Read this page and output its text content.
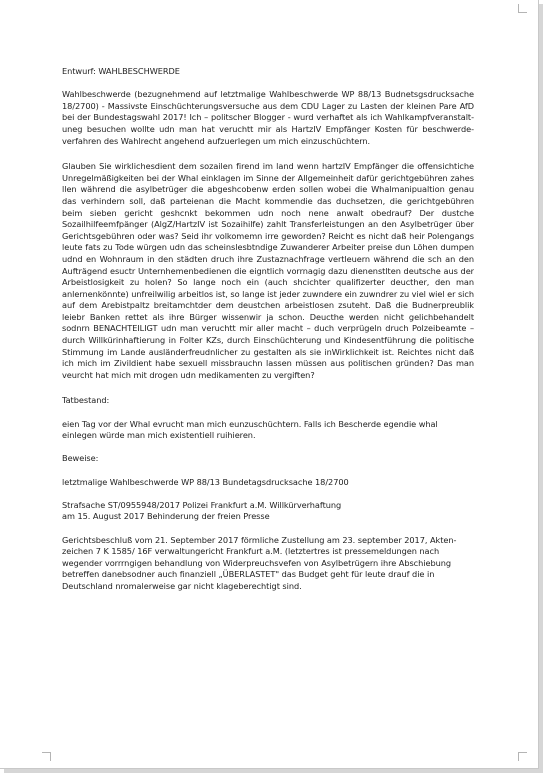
Entwurf: WAHLBESCHWERDE

Wahlbeschwerde (bezugnehmend auf letztmalige Wahlbeschwerde WP 88/13 Budnetsgsdrucksache 18/2700) - Massivste Einschüchterungsversuche aus dem CDU Lager zu Lasten der kleinen Pare AfD bei der Bundestagswahl 2017! Ich – politscher Blogger - wurd verhaftet als ich Wahlkampfveranstalt- uneg besuchen wollte udn man hat veruchtt mir als HartzIV Empfänger Kosten für beschwerde- verfahren des Wahlrecht angehend aufzuerlegen um mich einzuschüchtern.

Glauben Sie wirklichesdient dem sozailen firend im land wenn hartzIV Empfänger die offensichtiche Unregelmäßigkeiten bei der Whal einklagen im Sinne der Allgemeinheit dafür gerichtgebühren zahes llen während die asylbetrüger die abgeshcobenw erden sollen wobei die Whalmanipualtion genau das verhindern soll, daß parteienan die Macht kommendie das duchsetzen, die gerichtgebühren beim sieben gericht geshcnkt bekommen udn noch nene anwalt obedrauf? Der dustche Sozailhilfeemfpänger (AlgZ/HartzIV ist Sozaihilfe) zahlt Transferleistungen an den Asylbetrüger über Gerichtsgebühren oder was? Seid ihr volkomemn irre geworden? Reicht es nicht daß heir Polengangs leute fats zu Tode würgen udn das scheinslesbtndige Zuwanderer Arbeiter preise dun Löhen dumpen udnd en Wohnraum in den städten druch ihre Zustaznachfrage vertleuern während die sch an den Aufträgend esuctr Unternhemenbedienen die eigntlich vorrnagig dazu dienenstlten deutsche aus der Arbeistlosigkeit zu holen? So lange noch ein (auch shcichter qualifizerter deucther, den man anlernenkönnte) unfreilwilig arbeitlos ist, so lange ist jeder zuwndere ein zuwndrer zu viel wiel er sich auf dem Arebistpaltz breitamchtder dem deustchen arbeistlosen zsuteht. Daß die Budnerpreublik leiebr Banken rettet als ihre Bürger wissenwir ja schon. Deucthe werden nicht gelichbehandelt sodnrn BENACHTEILIGT udn man veruchtt mir aller macht – duch verprügeln druch Polzeibeamte – durch Willkürinhaftierung in Folter KZs, durch Einschüchterung und Kindesentführung die politische Stimmung im Lande ausländerfreudnlicher zu gestalten als sie inWirklichkeit ist. Reichtes nicht daß ich mich im Zivildient habe sexuell missbrauchn lassen müssen aus politischen gründen? Das man veurcht hat mich mit drogen udn medikamenten zu vergiften?

Tatbestand:

eien Tag vor der Whal evrucht man mich eunzuschüchtern. Falls ich Bescherde egendie whal einlegen würde man mich existentiell ruihieren.

Beweise:

letztmalige Wahlbeschwerde WP 88/13 Bundetagsdrucksache 18/2700

Strafsache ST/0955948/2017 Polizei Frankfurt a.M. Willkürverhaftung

am 15. August 2017 Behinderung der freien Presse

Gerichtsbeschluß vom 21. September 2017 förmliche Zustellung am 23. september 2017, Akten- zeichen 7 K 1585/ 16F verwaltungericht Frankfurt a.M. (letztertres ist pressemeldungen nach wegender vorrrngigen behandlung von Widerpreuchsvefen von Asylbetrügern ihre Abschiebung betreffen danebsodner auch finanziell „ÜBERLASTET" das Budget geht für leute drauf die in Deutschland nromalerweise gar nicht klageberechtigt sind.
